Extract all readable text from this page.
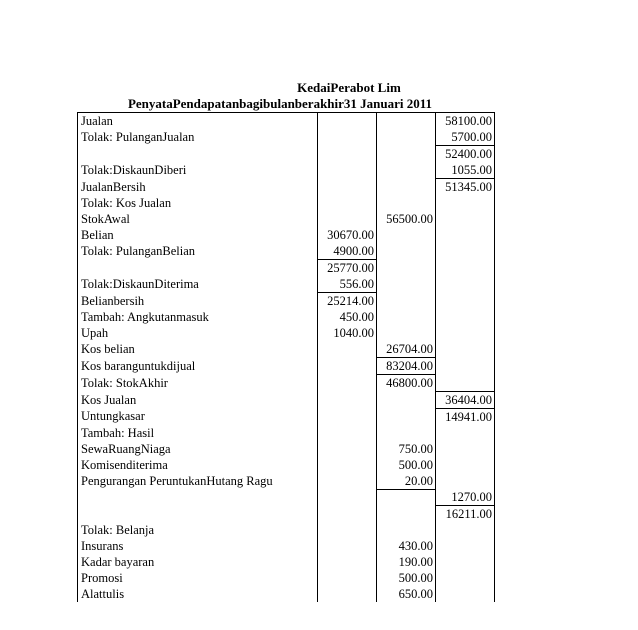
KedaiPerabot Lim
PenyataPendapatanbagibulanberakhir31 Januari 2011
Jualan			58100.00
Tolak: PulanganJualan			5700.00
			52400.00
Tolak:DiskaunDiberi			1055.00
JualanBersih			51345.00
Tolak: Kos Jualan			
StokAwal		56500.00	
Belian	30670.00		
Tolak: PulanganBelian	4900.00		
	25770.00		
Tolak:DiskaunDiterima	556.00		
Belianbersih	25214.00		
Tambah: Angkutanmasuk	450.00		
Upah	1040.00		
Kos belian		26704.00	
Kos baranguntukdijual		83204.00	
Tolak: StokAkhir		46800.00	
Kos Jualan			36404.00
Untungkasar			14941.00
Tambah: Hasil			
SewaRuangNiaga		750.00	
Komisenditerima		500.00	
Pengurangan PeruntukanHutang Ragu		20.00	
			1270.00
			16211.00
Tolak: Belanja			
Insurans		430.00	
Kadar bayaran		190.00	
Promosi		500.00	
Alattulis		650.00	
